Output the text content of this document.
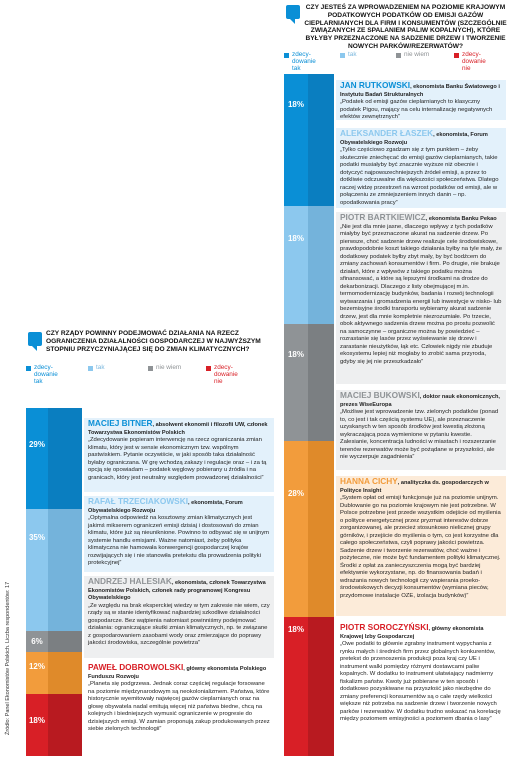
CZY JESTEŚ ZA WPROWADZENIEM NA POZIOMIE KRAJOWYM PODATKOWYCH PODATKÓW OD EMISJI GAZÓW CIEPLARNIANYCH DLA FIRM I KONSUMENTÓW (SZCZEGÓLNIE ZWIĄZANYCH ZE SPALANIEM PALIW KOPALNYCH), KTÓRE BYŁYBY PRZEZNACZONE NA SADZENIE DRZEW I TWORZENIE NOWYCH PARKÓW/REZERWATÓW?
zdecy-dowanie tak
tak	nie wiem	zdecy-dowanie nie
18%
18%
18%
28%
18%
JAN RUTKOWSKI, ekonomista Banku Światowego i Instytutu Badań Strukturalnych
„Podatek od emisji gazów cieplarnianych to klasyczny podatek Pigou, mający na celu internalizację negatywnych efektów zewnętrznych”
ALEKSANDER ŁASZEK, ekonomista, Forum Obywatelskiego Rozwoju
„Tylko częściowo zgadzam się z tym punktem – żeby skutecznie zniechęcać do emisji gazów cieplarnianych, takie podatki musiałyby być znacznie wyższe niż obecnie i dotyczyć najpowszechniejszych źródeł emisji, a przez to dotkliwie odczuwalne dla większości społeczeństwa. Dlatego raczej widzę przestrzeń na wzrost podatków od emisji, ale w połączeniu ze zmniejszeniem innych danin – np. opodatkowania pracy”
PIOTR BARTKIEWICZ, ekonomista Banku Pekao
„Nie jest dla mnie jasne, dlaczego wpływy z tych podatków miałyby być przeznaczone akurat na sadzenie drzew. Po pierwsze, choć sadzenie drzew realizuje cele środowiskowe, prawdopodobnie koszt takiego działania byłby na tyle mały, że dodatkowy podatek byłby zbyt mały, by być bodźcem do zmiany zachowań konsumentów i firm. Po drugie, nie brakuje działań, które z wpływów z takiego podatku można sfinansować, a które są lepszymi środkami na drodze do dekarbonizacji. Dlaczego z listy obejmującej m.in. termomodernizację budynków, badania i rozwój technologii wytwarzania i gromadzenia energii lub inwestycje w nisko- lub bezemisyjne środki transportu wybieramy akurat sadzenie drzew, jest dla mnie kompletnie niezrozumiałe. Po trzecie, obok aktywnego sadzenia drzew można po prostu pozwolić na samoczynne – organiczne można by powiedzieć – rozrastanie się lasów przez wyświewanie się drzew i zarastanie nieużytków, łąk etc. Człowiek nigdy nie zbuduje ekosystemu lepiej niż mogłaby to zrobić sama przyroda, gdyby się jej nie przeszkadzało”
MACIEJ BUKOWSKI, doktor nauk ekonomicznych, prezes WiseEuropa
„Możliwe jest wprowadzenie tzw. zielonych podatków (ponad to, co jest i tak częścią systemu UE), ale przeznaczenie uzyskanych w ten sposób środków jest kwestią złożoną wykraczającą poza wymienione w pytaniu kwestie. Zalesianie, koncentracja ludności w miastach i rozszerzanie terenów rezerwatów może być pożądane w przyszłości, ale nie wyczerpuje zagadnienia”
HANNA CICHY, analityczka ds. gospodarczych w Polityce Insight
„System opłat od emisji funkcjonuje już na poziomie unijnym. Dublowanie go na poziomie krajowym nie jest potrzebne. W Polsce potrzebne jest przede wszystkim odejście od myślenia o polityce energetycznej przez pryzmat interesów dobrze zorganizowanej, ale przecież stosunkowo nielicznej grupy górników, i przejście do myślenia o tym, co jest korzystne dla całego społeczeństwa, czyli poprawy jakości powietrza. Sadzenie drzew i tworzenie rezerwatów, choć ważne i pożyteczne, nie może być fundamentem polityki klimatycznej. Środki z opłat za zanieczyszczenia mogą być bardziej efektywnie wykorzystane, np. do finansowania badań i wdrażania nowych technologii czy wspierania proeko-środowiskowych decyzji konsumentów (wymiana pieców, przydomowe instalacje OZE, izolacja budynków)”
PIOTR SOROCZYŃSKI, główny ekonomista Krajowej Izby Gospodarczej
„Owe podatki to głównie zgrabny instrument wypychania z rynku małych i średnich firm przez globalnych konkurentów, pretekst do przenoszenia produkcji poza kraj czy UE i instrument walki pomiędzy różnymi dostawcami paliw kopalnych. W dodatku to instrument ułatwiający nadmierny fiskalizm państw. Kwoty już pobierane w ten sposób i dodatkowo pozyskiwane na przyszłość jako niezbędne do zmiany preferencji konsumentów są o całe rzędy wielkości większe niż potrzeba na sadzenie drzew i tworzenie nowych parków i rezerwatów. W dodatku trudno wskazać na korelację między poziomem emisyjności a poziomem dbania o lasy”
CZY RZĄDY POWINNY PODEJMOWAĆ DZIAŁANIA NA RZECZ OGRANICZENIA DZIAŁALNOŚCI GOSPODARCZEJ W NAJWYŻSZYM STOPNIU PRZYCZYNIAJĄCEJ SIĘ DO ZMIAN KLIMATYCZNYCH?
zdecy-dowanie tak
tak	nie wiem	zdecy-dowanie nie
29%
35%
6%
12%
18%
MACIEJ BITNER, absolwent ekonomii i filozofii UW, członek Towarzystwa Ekonomistów Polskich
„Zdecydowanie popieram interwencję na rzecz ograniczania zmian klimatu, który jest w sensie ekonomicznym tzw. wspólnym pastwiskiem. Pytanie oczywiście, w jaki sposób taka działalność byłaby ograniczana. W grę wchodzą zakazy i regulacje oraz – i za tą opcją się opowiadam – podatek węglowy pobierany u źródła i na granicach, który jest neutralny względem prowadzonej działalności”
RAFAŁ TRZECIAKOWSKI, ekonomista, Forum Obywatelskiego Rozwoju
„Optymalna odpowiedź na kosztowny zmian klimatycznych jest jakimś mikserem ograniczeń emisji dzisiaj i dostosowań do zmian klimatu, które już są nieuniknione. Powinno to odbywać się w unijnym systemie handlu emisjami. Ważne natomiast, żeby polityka klimatyczna nie hamowała konwergencji gospodarczej krajów rozwijających się i nie stanowiła pretekstu dla prowadzenia polityki protekcyjnej”
ANDRZEJ HALESIAK, ekonomista, członek Towarzystwa Ekonomistów Polskich, członek rady programowej Kongresu Obywatelskiego
„Ze względu na brak eksperckiej wiedzy w tym zakresie nie wiem, czy rządy są w stanie identyfikować najbardziej szkodliwe działalności gospodarcze. Bez wątpienia natomiast powinniśmy podejmować działania: ograniczające skutki zmian klimatycznych, np. te związane z gospodarowaniem zasobami wody oraz zmierzające do poprawy jakości środowiska, szczególnie powietrza”
PAWEŁ DOBROWOLSKI, główny ekonomista Polskiego Funduszu Rozwoju
„Planeta się podgrzewa. Jednak coraz częściej regulacje forsowane na poziomie międzynarodowym są neokolonializmem. Państwa, które historycznie wyemitowały najwięcej gazów cieplarnianych oraz na głowę obywatela nadal emitują więcej niż państwa biedne, chcą na kolejnych i biedniejszych wymusić ograniczenie w progresie do dzisiejszych emisji. W zamian proponują zakup produkowanych przez siebie zielonych technologii”
Źródło: Panel Ekonomistów Polskich. Liczba respondentów: 17
